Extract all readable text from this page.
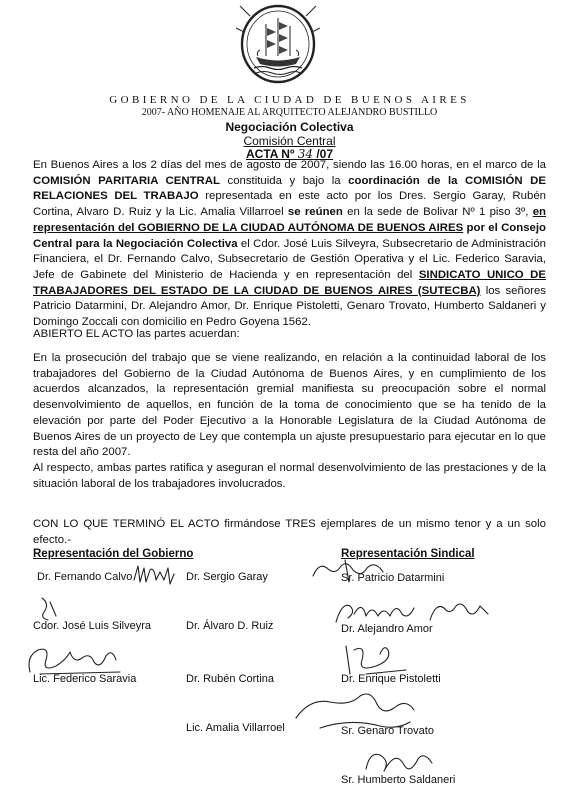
GOBIERNO DE LA CIUDAD DE BUENOS AIRES
2007- AÑO HOMENAJE AL ARQUITECTO ALEJANDRO BUSTILLO
Negociación Colectiva
Comisión Central
ACTA Nº 34 /07
En Buenos Aires a los 2 días del mes de agosto de 2007, siendo las 16.00 horas, en el marco de la COMISIÓN PARITARIA CENTRAL constituida y bajo la coordinación de la COMISIÓN DE RELACIONES DEL TRABAJO representada en este acto por los Dres. Sergio Garay, Rubén Cortina, Alvaro D. Ruiz y la Lic. Amalia Villarroel se reúnen en la sede de Bolivar Nº 1 piso 3º, en representación del GOBIERNO DE LA CIUDAD AUTÓNOMA DE BUENOS AIRES por el Consejo Central para la Negociación Colectiva el Cdor. José Luis Silveyra, Subsecretario de Administración Financiera, el Dr. Fernando Calvo, Subsecretario de Gestión Operativa y el Lic. Federico Saravia, Jefe de Gabinete del Ministerio de Hacienda y en representación del SINDICATO UNICO DE TRABAJADORES DEL ESTADO DE LA CIUDAD DE BUENOS AIRES (SUTECBA) los señores Patricio Datarmini, Dr. Alejandro Amor, Dr. Enrique Pistoletti, Genaro Trovato, Humberto Saldaneri y Domingo Zoccali con domicilio en Pedro Goyena 1562.
ABIERTO EL ACTO las partes acuerdan:
En la prosecución del trabajo que se viene realizando, en relación a la continuidad laboral de los trabajadores del Gobierno de la Ciudad Autónoma de Buenos Aires, y en cumplimiento de los acuerdos alcanzados, la representación gremial manifiesta su preocupación sobre el normal desenvolvimiento de aquellos, en función de la toma de conocimiento que se ha tenido de la elevación por parte del Poder Ejecutivo a la Honorable Legislatura de la Ciudad Autónoma de Buenos Aires de un proyecto de Ley que contempla un ajuste presupuestario para ejecutar en lo que resta del año 2007.
Al respecto, ambas partes ratifica y aseguran el normal desenvolvimiento de las prestaciones y de la situación laboral de los trabajadores involucrados.
CON LO QUE TERMINÓ EL ACTO firmándose TRES ejemplares de un mismo tenor y a un solo efecto.-
Representación del Gobierno	Representación Sindical
Dr. Fernando Calvo
Cdor. José Luis Silveyra
Lic. Federico Saravia
Dr. Sergio Garay
Dr. Álvaro D. Ruiz
Dr. Rubén Cortina
Lic. Amalia Villarroel
Sr. Patricio Datarmini
Dr. Alejandro Amor
Dr. Enrique Pistoletti
Sr. Genaro Trovato
Sr. Humberto Saldaneri
